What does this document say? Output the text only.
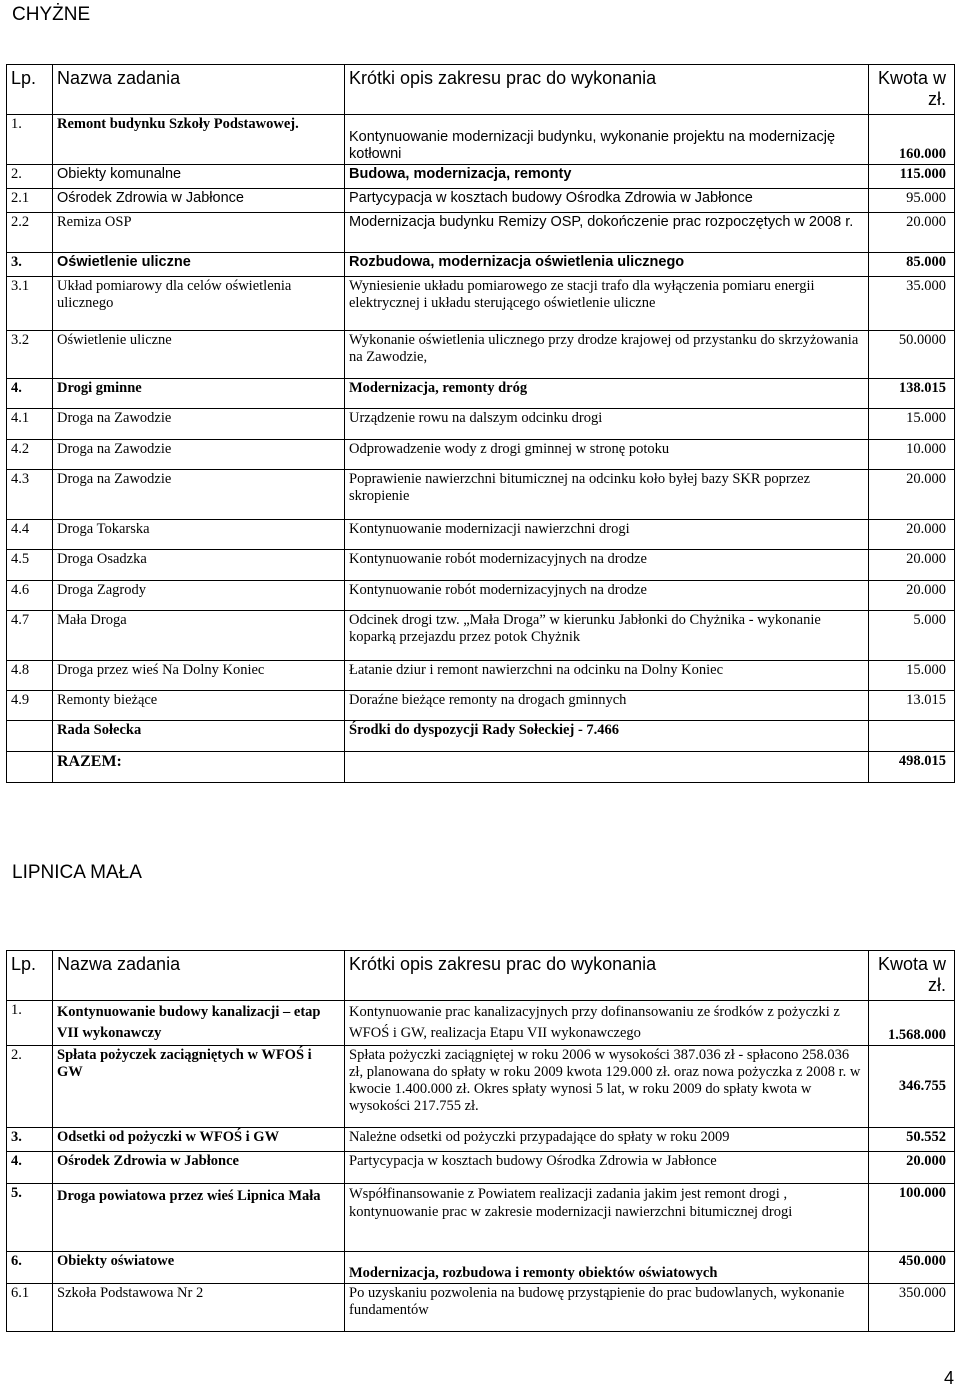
CHYŻNE
Lp.	Nazwa zadania	Krótki opis zakresu prac do wykonania	Kwota w zł.
1.	Remont budynku Szkoły Podstawowej.	Kontynuowanie modernizacji budynku, wykonanie projektu na modernizację kotłowni	160.000
2.	Obiekty komunalne	Budowa, modernizacja, remonty	115.000
2.1	Ośrodek Zdrowia w Jabłonce	Partycypacja w kosztach budowy Ośrodka Zdrowia w Jabłonce	95.000
2.2	Remiza OSP	Modernizacja budynku Remizy OSP, dokończenie prac rozpoczętych w 2008 r.	20.000
3.	Oświetlenie uliczne	Rozbudowa, modernizacja oświetlenia ulicznego	85.000
3.1	Układ pomiarowy dla celów oświetlenia ulicznego	Wyniesienie układu pomiarowego ze stacji trafo dla wyłączenia pomiaru energii elektrycznej i układu sterującego oświetlenie uliczne	35.000
3.2	Oświetlenie uliczne	Wykonanie oświetlenia ulicznego przy drodze krajowej od przystanku do skrzyżowania na Zawodzie,	50.0000
4.	Drogi gminne	Modernizacja, remonty dróg	138.015
4.1	Droga na Zawodzie	Urządzenie rowu na dalszym odcinku drogi	15.000
4.2	Droga na Zawodzie	Odprowadzenie wody z drogi gminnej w stronę potoku	10.000
4.3	Droga na Zawodzie	Poprawienie nawierzchni bitumicznej na odcinku koło byłej bazy SKR poprzez skropienie	20.000
4.4	Droga Tokarska	Kontynuowanie modernizacji nawierzchni drogi	20.000
4.5	Droga Osadzka	Kontynuowanie robót modernizacyjnych na drodze	20.000
4.6	Droga Zagrody	Kontynuowanie robót modernizacyjnych na drodze	20.000
4.7	Mała Droga	Odcinek drogi tzw. „Mała Droga” w kierunku Jabłonki do Chyżnika - wykonanie koparką przejazdu przez potok Chyżnik	5.000
4.8	Droga przez wieś Na Dolny Koniec	Łatanie dziur i remont nawierzchni na odcinku na Dolny Koniec	15.000
4.9	Remonty bieżące	Doraźne bieżące remonty na drogach gminnych	13.015
	Rada Sołecka	Środki do dyspozycji Rady Sołeckiej - 7.466	
	RAZEM:		498.015
LIPNICA MAŁA
Lp.	Nazwa zadania	Krótki opis zakresu prac do wykonania	Kwota w zł.
1.	Kontynuowanie budowy kanalizacji – etap VII wykonawczy	Kontynuowanie prac kanalizacyjnych przy dofinansowaniu ze środków z pożyczki z WFOŚ i GW, realizacja Etapu VII wykonawczego	1.568.000
2.	Spłata pożyczek zaciągniętych w WFOŚ i GW	Spłata pożyczki zaciągniętej w roku 2006 w wysokości 387.036 zł - spłacono 258.036 zł, planowana do spłaty w roku 2009 kwota 129.000 zł. oraz nowa pożyczka z 2008 r. w kwocie 1.400.000 zł. Okres spłaty wynosi 5 lat, w roku 2009 do spłaty kwota w wysokości 217.755 zł.	346.755
3.	Odsetki od pożyczki w WFOŚ i GW	Należne odsetki od pożyczki przypadające do spłaty w roku 2009	50.552
4.	Ośrodek Zdrowia w Jabłonce	Partycypacja w kosztach budowy Ośrodka Zdrowia w Jabłonce	20.000
5.	Droga powiatowa przez wieś Lipnica Mała	Współfinansowanie z Powiatem realizacji zadania jakim jest remont drogi , kontynuowanie prac w zakresie modernizacji nawierzchni bitumicznej drogi	100.000
6.	Obiekty oświatowe	Modernizacja, rozbudowa i remonty obiektów oświatowych	450.000
6.1	Szkoła Podstawowa Nr 2	Po uzyskaniu pozwolenia na budowę przystąpienie do prac budowlanych, wykonanie fundamentów	350.000
4
